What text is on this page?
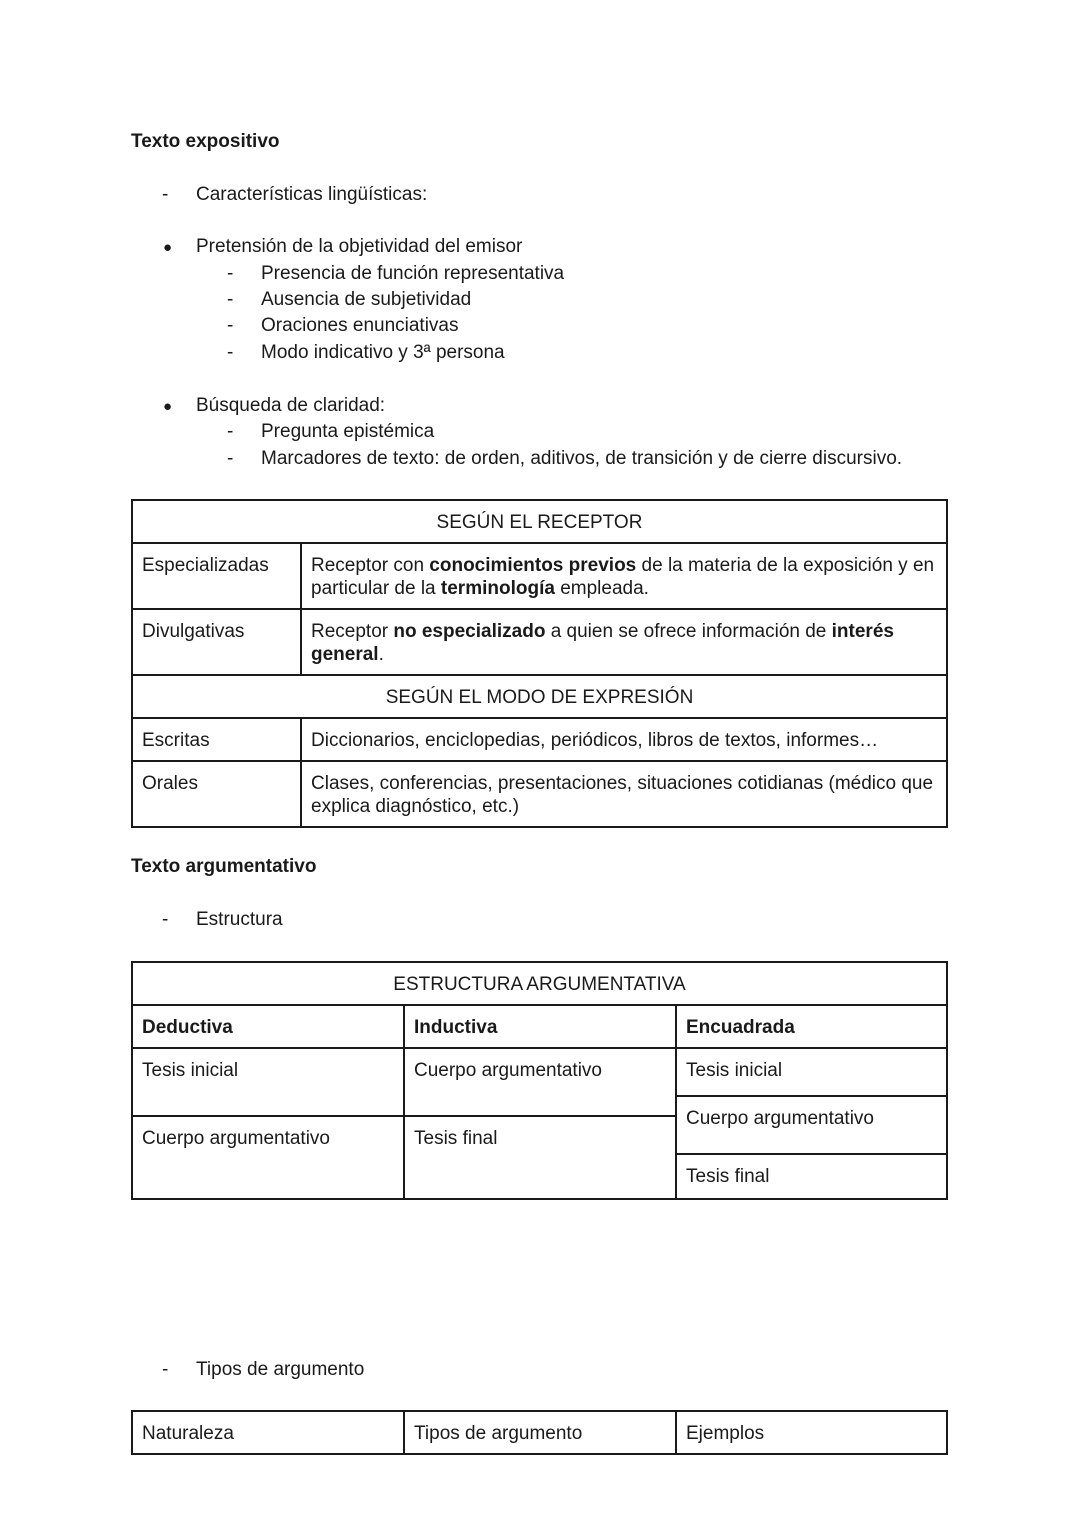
Texto expositivo
- Características lingüísticas:
● Pretensión de la objetividad del emisor
- Presencia de función representativa
- Ausencia de subjetividad
- Oraciones enunciativas
- Modo indicativo y 3ª persona
● Búsqueda de claridad:
- Pregunta epistémica
- Marcadores de texto: de orden, aditivos, de transición y de cierre discursivo.
SEGÚN EL RECEPTOR	
Especializadas	Receptor con conocimientos previos de la materia de la exposición y en particular de la terminología empleada.
Divulgativas	Receptor no especializado a quien se ofrece información de interés general.
SEGÚN EL MODO DE EXPRESIÓN	
Escritas	Diccionarios, enciclopedias, periódicos, libros de textos, informes…
Orales	Clases, conferencias, presentaciones, situaciones cotidianas (médico que explica diagnóstico, etc.)
Texto argumentativo
- Estructura
ESTRUCTURA ARGUMENTATIVA		
Deductiva	Inductiva	Encuadrada
Tesis inicial	Cuerpo argumentativo	Tesis inicial
		Cuerpo argumentativo
Cuerpo argumentativo	Tesis final	
		Tesis final
- Tipos de argumento
Naturaleza	Tipos de argumento	Ejemplos
